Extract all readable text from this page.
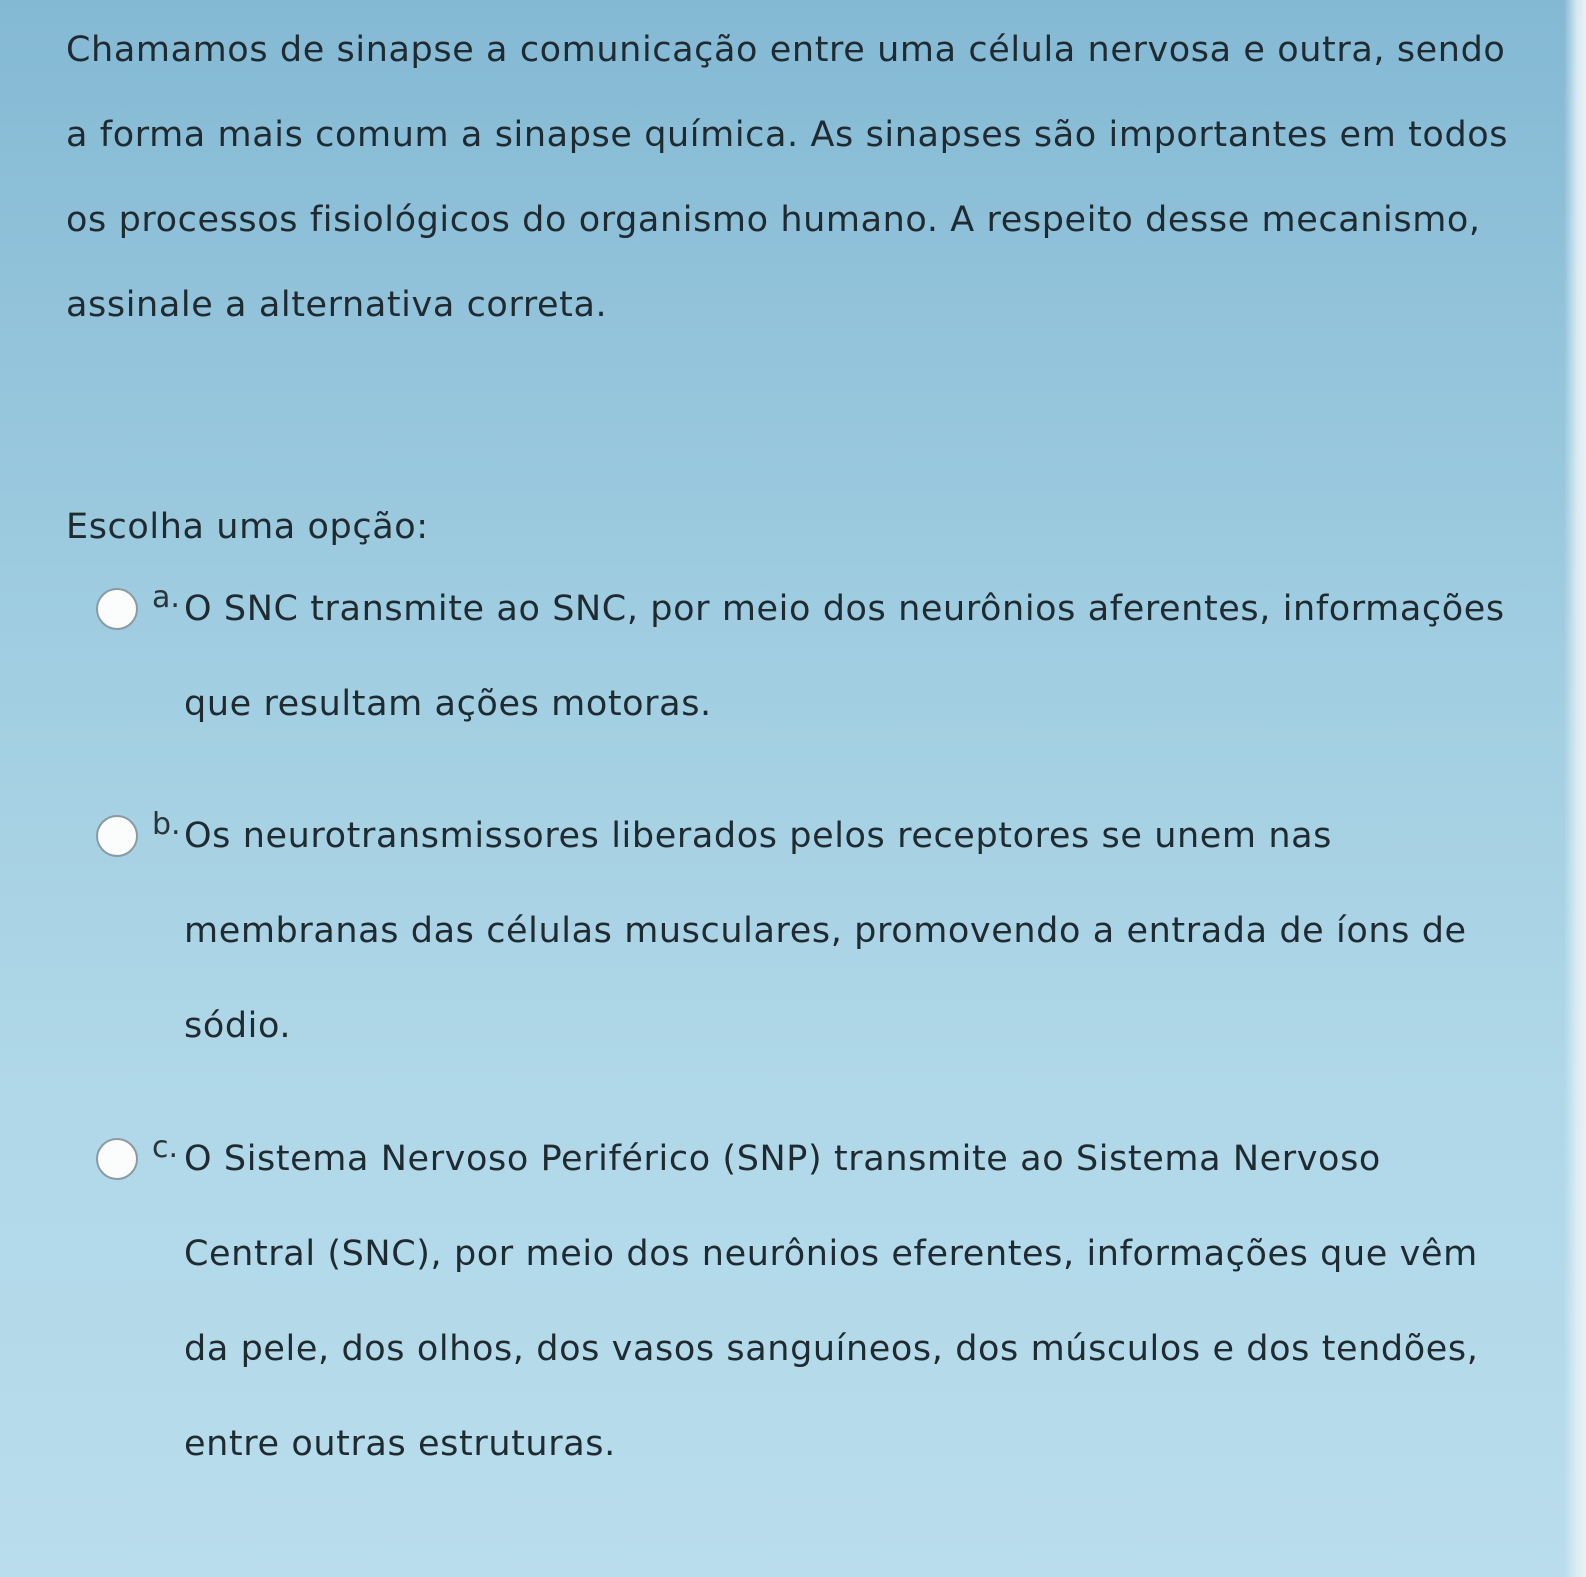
Chamamos de sinapse a comunicação entre uma célula nervosa e outra, sendo a forma mais comum a sinapse química. As sinapses são importantes em todos os processos fisiológicos do organismo humano. A respeito desse mecanismo, assinale a alternativa correta.

Escolha uma opção:

a. O SNC transmite ao SNC, por meio dos neurônios aferentes, informações que resultam ações motoras.

b. Os neurotransmissores liberados pelos receptores se unem nas membranas das células musculares, promovendo a entrada de íons de sódio.

c. O Sistema Nervoso Periférico (SNP) transmite ao Sistema Nervoso Central (SNC), por meio dos neurônios eferentes, informações que vêm da pele, dos olhos, dos vasos sanguíneos, dos músculos e dos tendões, entre outras estruturas.
